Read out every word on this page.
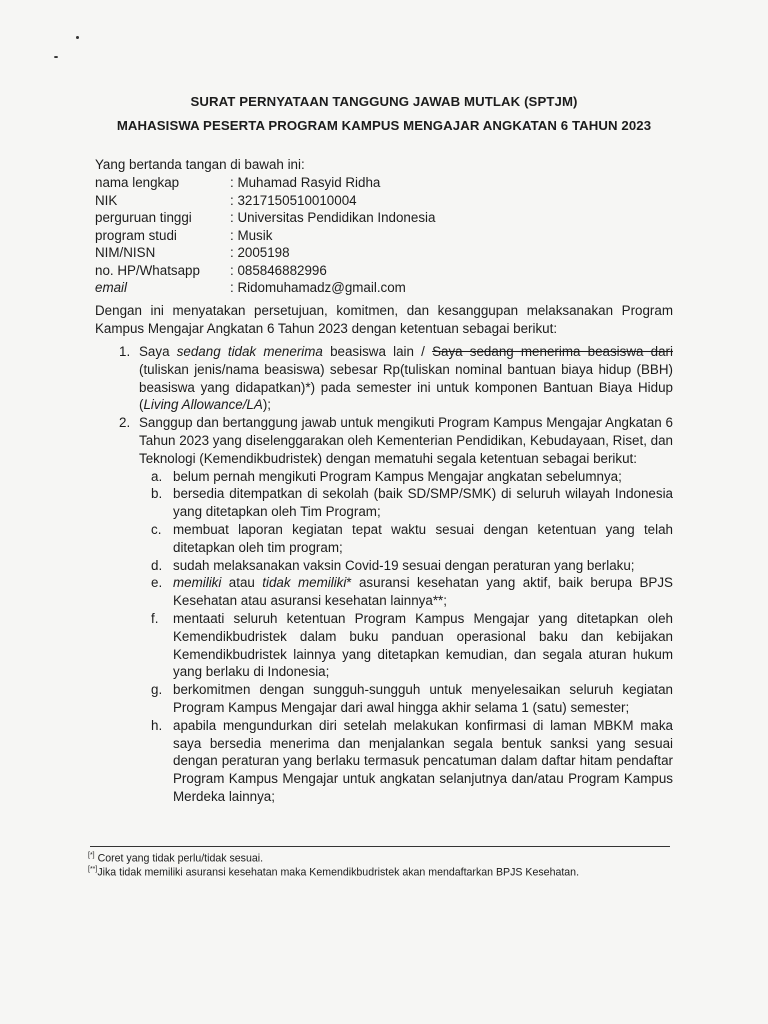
SURAT PERNYATAAN TANGGUNG JAWAB MUTLAK (SPTJM)
MAHASISWA PESERTA PROGRAM KAMPUS MENGAJAR ANGKATAN 6 TAHUN 2023
Yang bertanda tangan di bawah ini:
nama lengkap	: Muhamad Rasyid Ridha
NIK	: 3217150510010004
perguruan tinggi	: Universitas Pendidikan Indonesia
program studi	: Musik
NIM/NISN	: 2005198
no. HP/Whatsapp : 085846882996
email	: Ridomuhamadz@gmail.com
Dengan ini menyatakan persetujuan, komitmen, dan kesanggupan melaksanakan Program Kampus Mengajar Angkatan 6 Tahun 2023 dengan ketentuan sebagai berikut:
1. Saya sedang tidak menerima beasiswa lain / Saya sedang menerima beasiswa dari (tuliskan jenis/nama beasiswa) sebesar Rp(tuliskan nominal bantuan biaya hidup (BBH) beasiswa yang didapatkan)*) pada semester ini untuk komponen Bantuan Biaya Hidup (Living Allowance/LA);
2. Sanggup dan bertanggung jawab untuk mengikuti Program Kampus Mengajar Angkatan 6 Tahun 2023 yang diselenggarakan oleh Kementerian Pendidikan, Kebudayaan, Riset, dan Teknologi (Kemendikbudristek) dengan mematuhi segala ketentuan sebagai berikut:
a. belum pernah mengikuti Program Kampus Mengajar angkatan sebelumnya;
b. bersedia ditempatkan di sekolah (baik SD/SMP/SMK) di seluruh wilayah Indonesia yang ditetapkan oleh Tim Program;
c. membuat laporan kegiatan tepat waktu sesuai dengan ketentuan yang telah ditetapkan oleh tim program;
d. sudah melaksanakan vaksin Covid-19 sesuai dengan peraturan yang berlaku;
e. memiliki atau tidak memiliki* asuransi kesehatan yang aktif, baik berupa BPJS Kesehatan atau asuransi kesehatan lainnya**;
f. mentaati seluruh ketentuan Program Kampus Mengajar yang ditetapkan oleh Kemendikbudristek dalam buku panduan operasional baku dan kebijakan Kemendikbudristek lainnya yang ditetapkan kemudian, dan segala aturan hukum yang berlaku di Indonesia;
g. berkomitmen dengan sungguh-sungguh untuk menyelesaikan seluruh kegiatan Program Kampus Mengajar dari awal hingga akhir selama 1 (satu) semester;
h. apabila mengundurkan diri setelah melakukan konfirmasi di laman MBKM maka saya bersedia menerima dan menjalankan segala bentuk sanksi yang sesuai dengan peraturan yang berlaku termasuk pencatuman dalam daftar hitam pendaftar Program Kampus Mengajar untuk angkatan selanjutnya dan/atau Program Kampus Merdeka lainnya;
[*] Coret yang tidak perlu/tidak sesuai.
[**]Jika tidak memiliki asuransi kesehatan maka Kemendikbudristek akan mendaftarkan BPJS Kesehatan.
